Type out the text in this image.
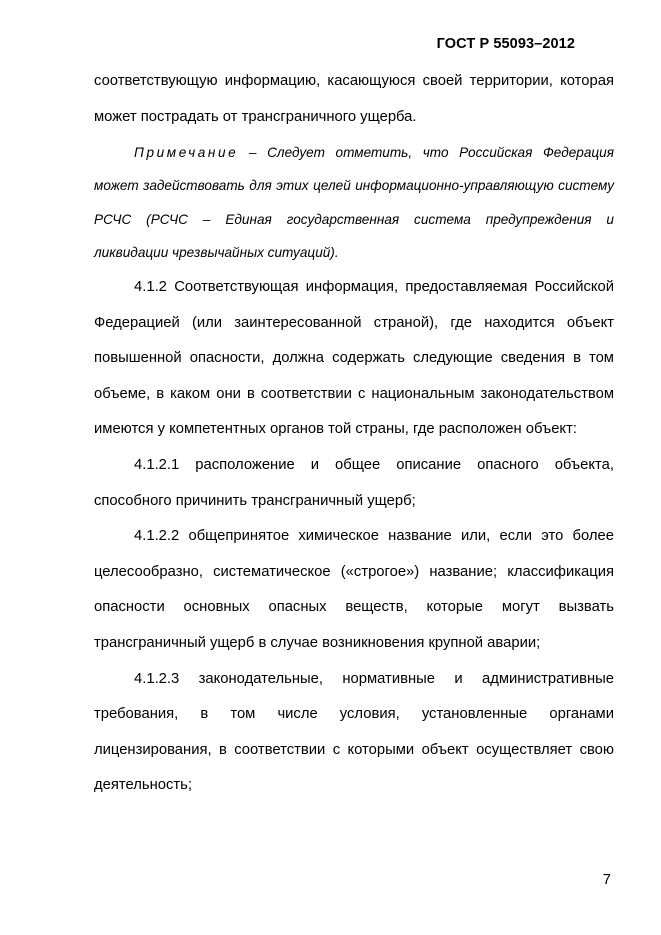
ГОСТ Р 55093–2012

соответствующую информацию, касающуюся своей территории, которая может пострадать от трансграничного ущерба.

Примечание – Следует отметить, что Российская Федерация может задействовать для этих целей информационно-управляющую систему РСЧС (РСЧС – Единая государственная система предупреждения и ликвидации чрезвычайных ситуаций).

4.1.2 Соответствующая информация, предоставляемая Российской Федерацией (или заинтересованной страной), где находится объект повышенной опасности, должна содержать следующие сведения в том объеме, в каком они в соответствии с национальным законодательством имеются у компетентных органов той страны, где расположен объект:

4.1.2.1 расположение и общее описание опасного объекта, способного причинить трансграничный ущерб;

4.1.2.2 общепринятое химическое название или, если это более целесообразно, систематическое («строгое») название; классификация опасности основных опасных веществ, которые могут вызвать трансграничный ущерб в случае возникновения крупной аварии;

4.1.2.3 законодательные, нормативные и административные требования, в том числе условия, установленные органами лицензирования, в соответствии с которыми объект осуществляет свою деятельность;

7
